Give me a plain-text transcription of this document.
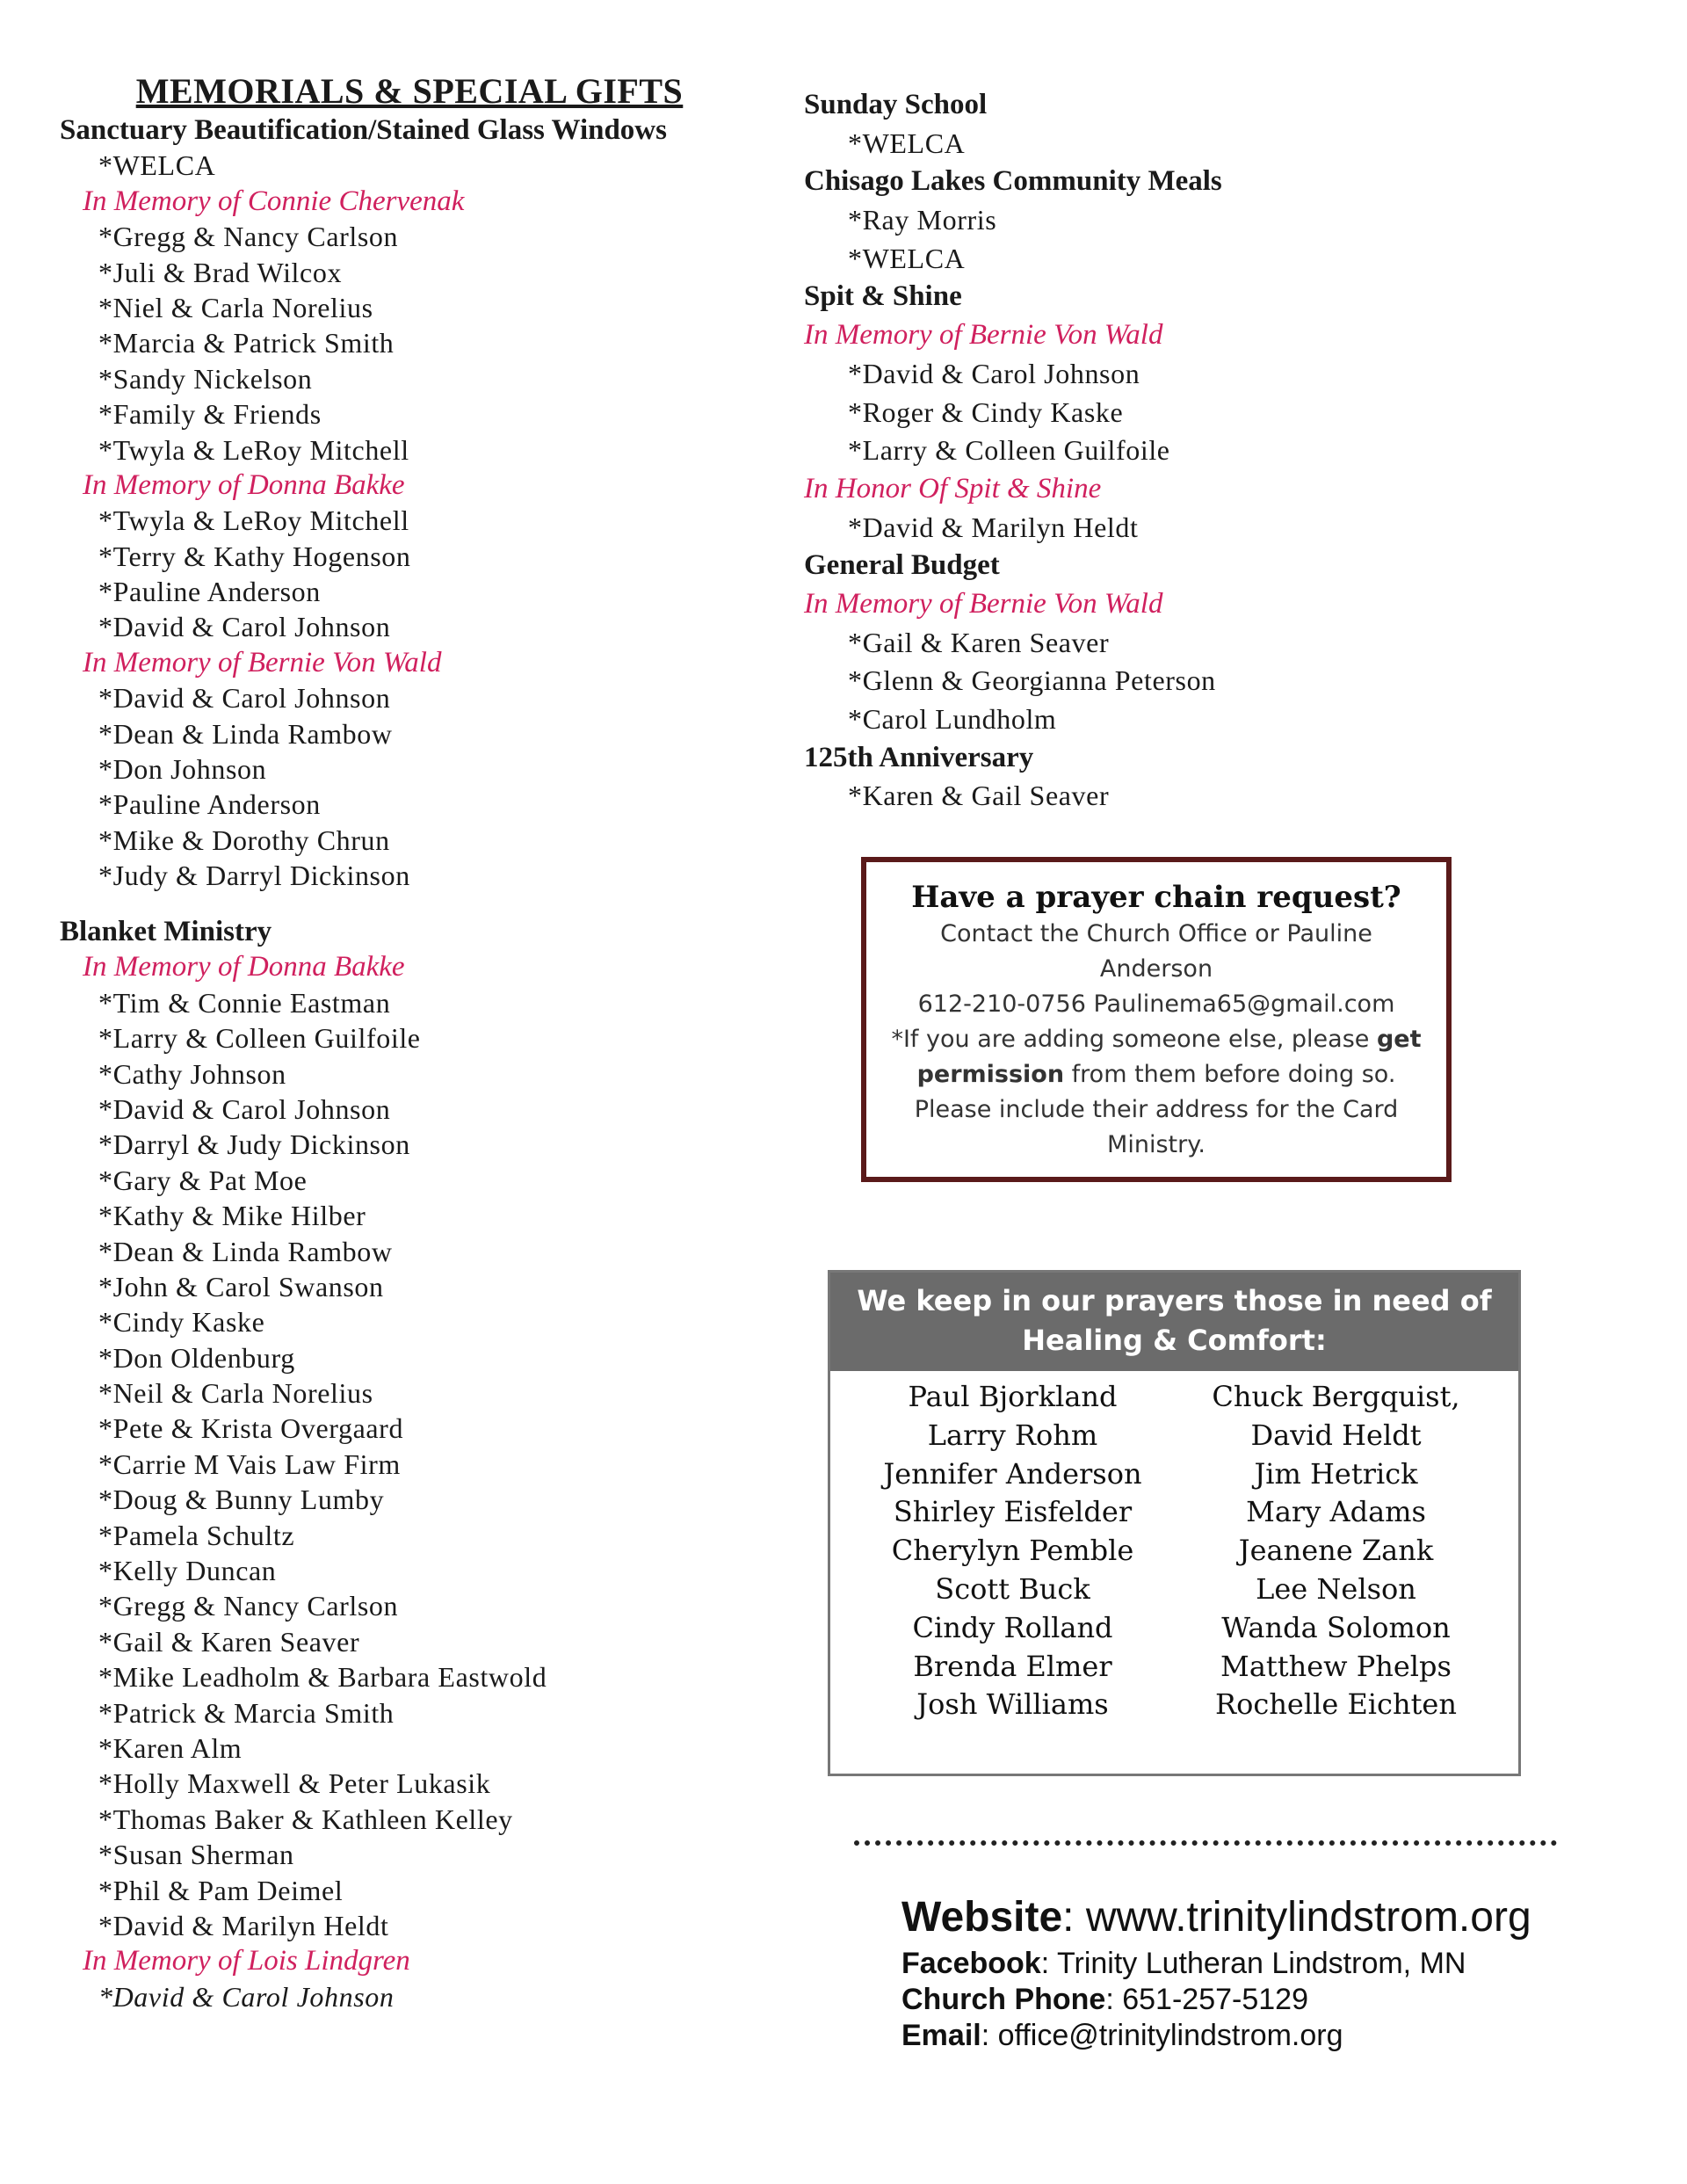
MEMORIALS & SPECIAL GIFTS
Sanctuary Beautification/Stained Glass Windows
*WELCA
In Memory of Connie Chervenak
*Gregg & Nancy Carlson
*Juli & Brad Wilcox
*Niel & Carla Norelius
*Marcia & Patrick Smith
*Sandy Nickelson
*Family & Friends
*Twyla & LeRoy Mitchell
In Memory of Donna Bakke
*Twyla & LeRoy Mitchell
*Terry & Kathy Hogenson
*Pauline Anderson
*David & Carol Johnson
In Memory of Bernie Von Wald
*David & Carol Johnson
*Dean & Linda Rambow
*Don Johnson
*Pauline Anderson
*Mike & Dorothy Chrun
*Judy & Darryl Dickinson
Blanket Ministry
In Memory of Donna Bakke
*Tim & Connie Eastman
*Larry & Colleen Guilfoile
*Cathy Johnson
*David & Carol Johnson
*Darryl & Judy Dickinson
*Gary & Pat Moe
*Kathy & Mike Hilber
*Dean & Linda Rambow
*John & Carol Swanson
*Cindy Kaske
*Don Oldenburg
*Neil & Carla Norelius
*Pete & Krista Overgaard
*Carrie M Vais Law Firm
*Doug & Bunny Lumby
*Pamela Schultz
*Kelly Duncan
*Gregg & Nancy Carlson
*Gail & Karen Seaver
*Mike Leadholm & Barbara Eastwold
*Patrick & Marcia Smith
*Karen Alm
*Holly Maxwell & Peter Lukasik
*Thomas Baker & Kathleen Kelley
*Susan Sherman
*Phil & Pam Deimel
*David & Marilyn Heldt
In Memory of Lois Lindgren
*David & Carol Johnson
Sunday School
*WELCA
Chisago Lakes Community Meals
*Ray Morris
*WELCA
Spit & Shine
In Memory of Bernie Von Wald
*David & Carol Johnson
*Roger & Cindy Kaske
*Larry & Colleen Guilfoile
In Honor Of Spit & Shine
*David & Marilyn Heldt
General Budget
In Memory of Bernie Von Wald
*Gail & Karen Seaver
*Glenn & Georgianna Peterson
*Carol Lundholm
125th Anniversary
*Karen & Gail Seaver
Have a prayer chain request?
Contact the Church Office or Pauline
Anderson
612-210-0756 Paulinema65@gmail.com
*If you are adding someone else, please get
permission from them before doing so.
Please include their address for the Card
Ministry.
We keep in our prayers those in need of
Healing & Comfort:
Paul Bjorkland
Larry Rohm
Jennifer Anderson
Shirley Eisfelder
Cherylyn Pemble
Scott Buck
Cindy Rolland
Brenda Elmer
Josh Williams
Chuck Bergquist,
David Heldt
Jim Hetrick
Mary Adams
Jeanene Zank
Lee Nelson
Wanda Solomon
Matthew Phelps
Rochelle Eichten
Website: www.trinitylindstrom.org
Facebook: Trinity Lutheran Lindstrom, MN
Church Phone: 651-257-5129
Email: office@trinitylindstrom.org
